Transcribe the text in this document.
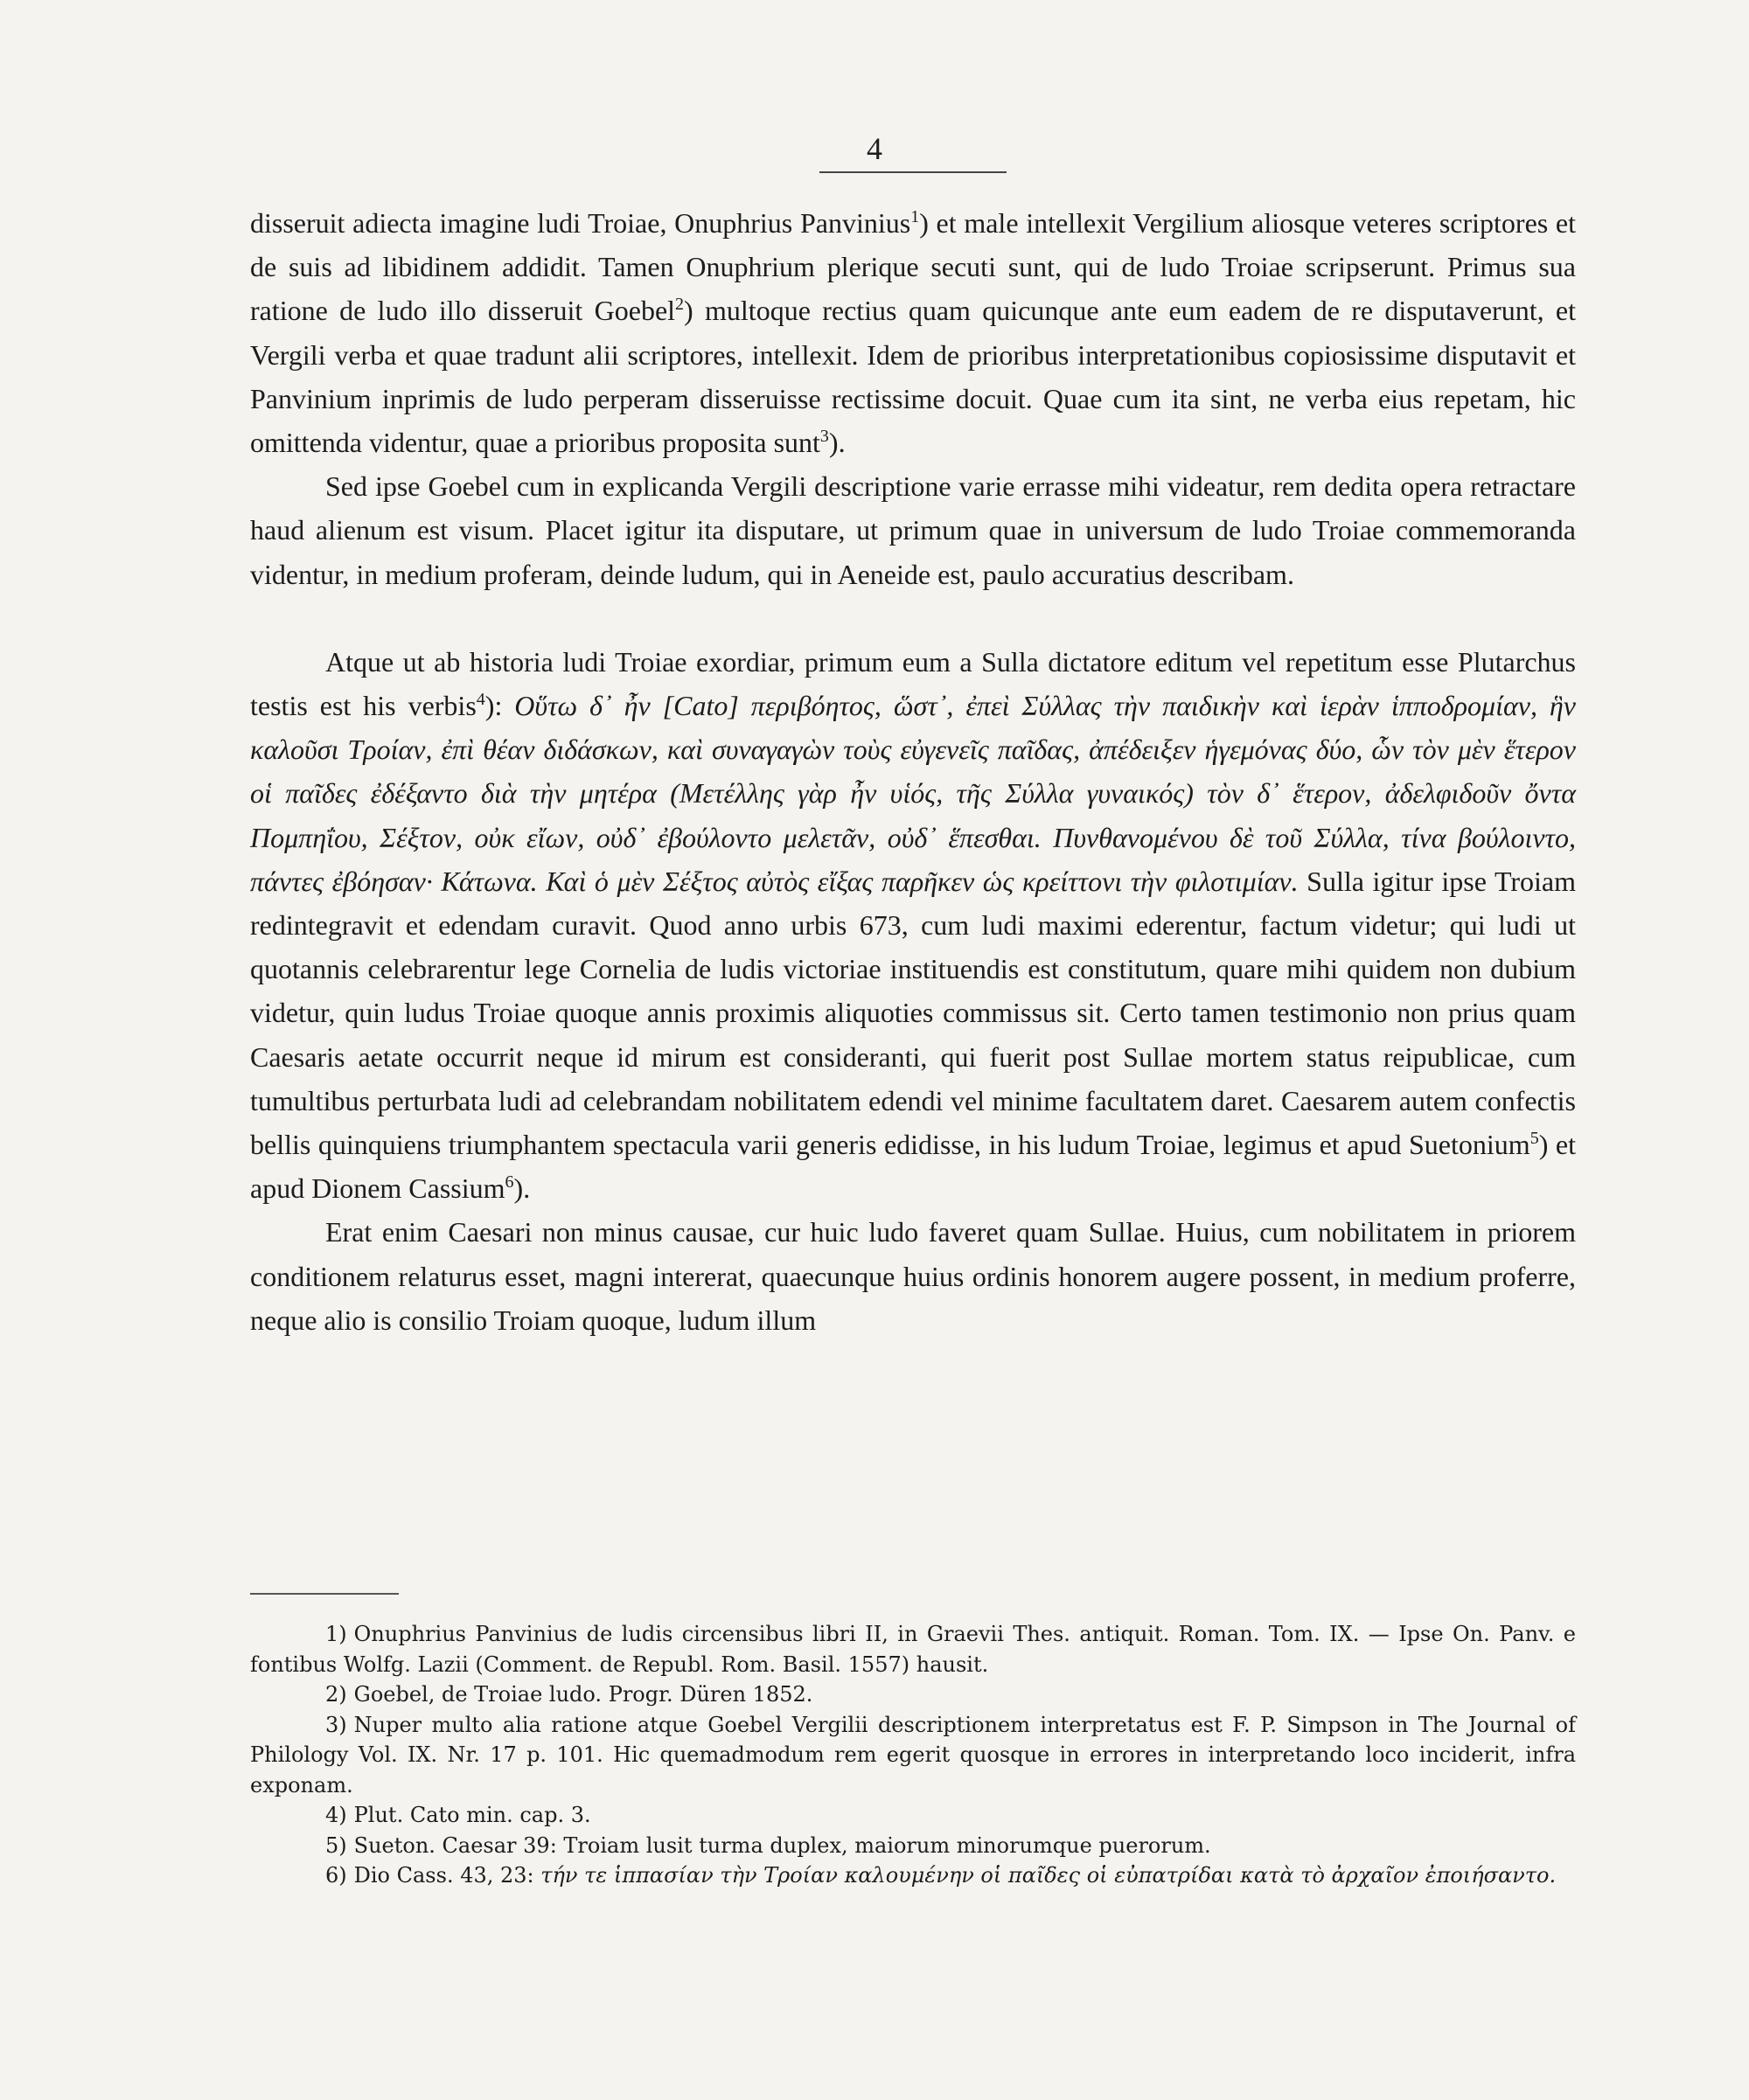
4

disseruit adiecta imagine ludi Troiae, Onuphrius Panvinius$^1$) et male intellexit Vergilium aliosque veteres scriptores et de suis ad libidinem addidit. Tamen Onuphrium plerique secuti sunt, qui de ludo Troiae scripserunt. Primus sua ratione de ludo illo disseruit Goebel$^2$) multoque rectius quam quicunque ante eum eadem de re disputaverunt, et Vergili verba et quae tradunt alii scriptores, intellexit. Idem de prioribus interpretationibus copiosissime disputavit et Panvinium inprimis de ludo perperam disseruisse rectissime docuit. Quae cum ita sint, ne verba eius repetam, hic omittenda videntur, quae a prioribus proposita sunt$^3$).

Sed ipse Goebel cum in explicanda Vergili descriptione varie errasse mihi videatur, rem dedita opera retractare haud alienum est visum. Placet igitur ita disputare, ut primum quae in universum de ludo Troiae commemoranda videntur, in medium proferam, deinde ludum, qui in Aeneide est, paulo accuratius describam.

Atque ut ab historia ludi Troiae exordiar, primum eum a Sulla dictatore editum vel repetitum esse Plutarchus testis est his verbis$^4$): Οὕτω δ᾽ ἦν [Cato] περιβόητος, ὥστ᾽, ἐπεὶ Σύλλας τὴν παιδικὴν καὶ ἱερὰν ἱπποδρομίαν, ἣν καλοῦσι Τροίαν, ἐπὶ θέαν διδάσκων, καὶ συναγαγὼν τοὺς εὐγενεῖς παῖδας, ἀπέδειξεν ἡγεμόνας δύο, ὧν τὸν μὲν ἕτερον οἱ παῖδες ἐδέξαντο διὰ τὴν μητέρα (Μετέλλης γὰρ ἦν υἱός, τῆς Σύλλα γυναικός) τὸν δ᾽ ἕτερον, ἀδελφιδοῦν ὄντα Πομπηΐου, Σέξτον, οὐκ εἴων, οὐδ᾽ ἐβούλοντο μελετᾶν, οὐδ᾽ ἕπεσθαι. Πυνθανομένου δὲ τοῦ Σύλλα, τίνα βούλοιντο, πάντες ἐβόησαν· Κάτωνα. Καὶ ὁ μὲν Σέξτος αὐτὸς εἴξας παρῆκεν ὡς κρείττονι τὴν φιλοτιμίαν. Sulla igitur ipse Troiam redintegravit et edendam curavit. Quod anno urbis 673, cum ludi maximi ederentur, factum videtur; qui ludi ut quotannis celebrarentur lege Cornelia de ludis victoriae instituendis est constitutum, quare mihi quidem non dubium videtur, quin ludus Troiae quoque annis proximis aliquoties commissus sit. Certo tamen testimonio non prius quam Caesaris aetate occurrit neque id mirum est consideranti, qui fuerit post Sullae mortem status reipublicae, cum tumultibus perturbata ludi ad celebrandam nobilitatem edendi vel minime facultatem daret. Caesarem autem confectis bellis quinquiens triumphantem spectacula varii generis edidisse, in his ludum Troiae, legimus et apud Suetonium$^5$) et apud Dionem Cassium$^6$).

Erat enim Caesari non minus causae, cur huic ludo faveret quam Sullae. Huius, cum nobilitatem in priorem conditionem relaturus esset, magni intererat, quaecunque huius ordinis honorem augere possent, in medium proferre, neque alio is consilio Troiam quoque, ludum illum

1) Onuphrius Panvinius de ludis circensibus libri II, in Graevii Thes. antiquit. Roman. Tom. IX. — Ipse On. Panv. e fontibus Wolfg. Lazii (Comment. de Republ. Rom. Basil. 1557) hausit.

2) Goebel, de Troiae ludo. Progr. Düren 1852.

3) Nuper multo alia ratione atque Goebel Vergilii descriptionem interpretatus est F. P. Simpson in The Journal of Philology Vol. IX. Nr. 17 p. 101. Hic quemadmodum rem egerit quosque in errores in interpretando loco inciderit, infra exponam.

4) Plut. Cato min. cap. 3.

5) Sueton. Caesar 39: Troiam lusit turma duplex, maiorum minorumque puerorum.

6) Dio Cass. 43, 23: τήν τε ἱππασίαν τὴν Τροίαν καλουμένην οἱ παῖδες οἱ εὐπατρίδαι κατὰ τὸ ἀρχαῖον ἐποιήσαντο.
